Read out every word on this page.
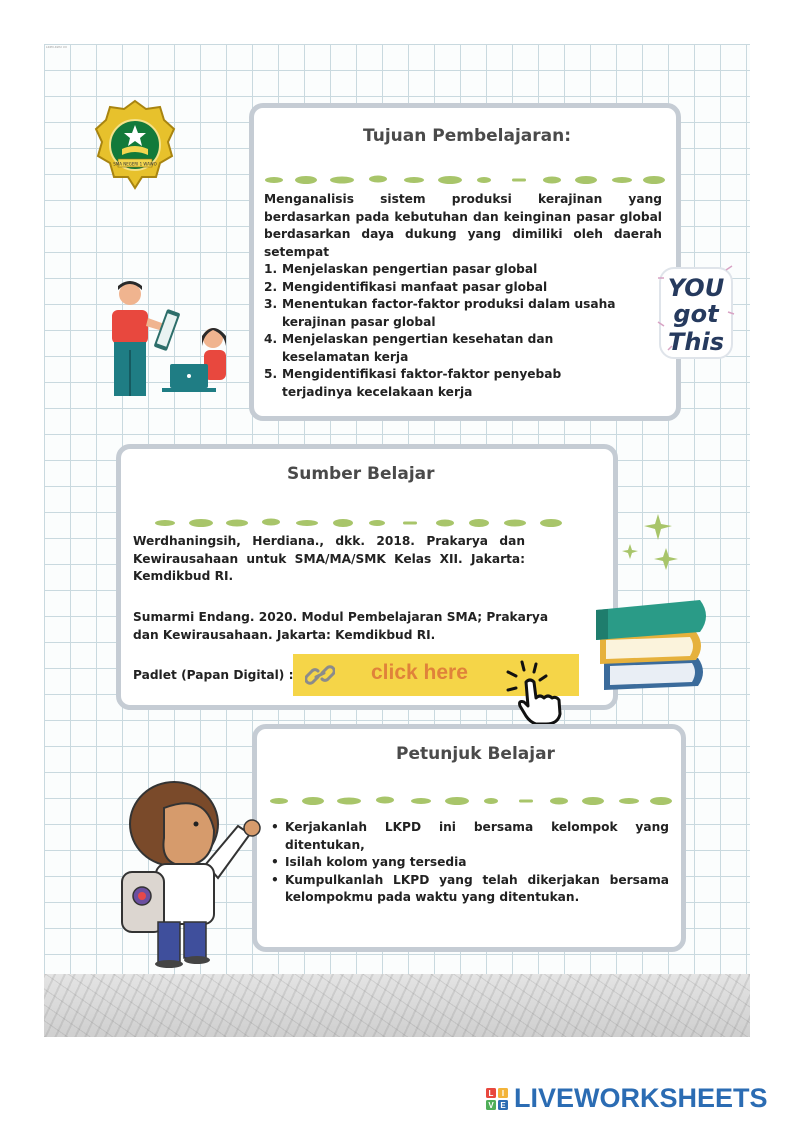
LKPD-KWU XII
SMA NEGERI 1 WAWO
Tujuan Pembelajaran:
Menganalisis sistem produksi kerajinan yang berdasarkan pada kebutuhan dan keinginan pasar global berdasarkan daya dukung yang dimiliki oleh daerah setempat
1. Menjelaskan pengertian pasar global
2. Mengidentifikasi manfaat pasar global
3. Menentukan factor-faktor produksi dalam usaha kerajinan pasar global
4. Menjelaskan pengertian kesehatan dan keselamatan kerja
5. Mengidentifikasi faktor-faktor penyebab terjadinya kecelakaan kerja
YOU
got
This
Sumber Belajar
Werdhaningsih, Herdiana., dkk. 2018. Prakarya dan Kewirausahaan untuk SMA/MA/SMK Kelas XII. Jakarta: Kemdikbud RI.
Sumarmi Endang. 2020. Modul Pembelajaran SMA; Prakarya dan Kewirausahaan. Jakarta: Kemdikbud RI.
Padlet (Papan Digital) :	click here
Petunjuk Belajar
• Kerjakanlah LKPD ini bersama kelompok yang ditentukan,
• Isilah kolom yang tersedia
• Kumpulkanlah LKPD yang telah dikerjakan bersama kelompokmu pada waktu yang ditentukan.
L I
V E LIVEWORKSHEETS
